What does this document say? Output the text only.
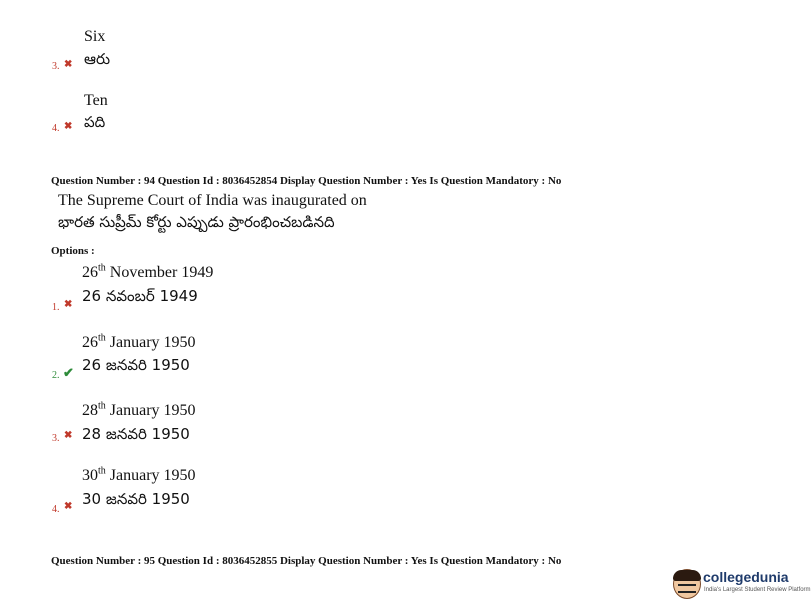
Six
ఆరు
3. ✖
Ten
పది
4. ✖
Question Number : 94 Question Id : 8036452854 Display Question Number : Yes Is Question Mandatory : No
The Supreme Court of India was inaugurated on
భారత సుప్రీమ్ కోర్టు ఎప్పుడు ప్రారంభించబడినది
Options :
26th November 1949
26 నవంబర్ 1949
1. ✖
26th January 1950
26 జనవరి 1950
2. ✔
28th January 1950
28 జనవరి 1950
3. ✖
30th January 1950
30 జనవరి 1950
4. ✖
Question Number : 95 Question Id : 8036452855 Display Question Number : Yes Is Question Mandatory : No
collegedunia
India's Largest Student Review Platform
